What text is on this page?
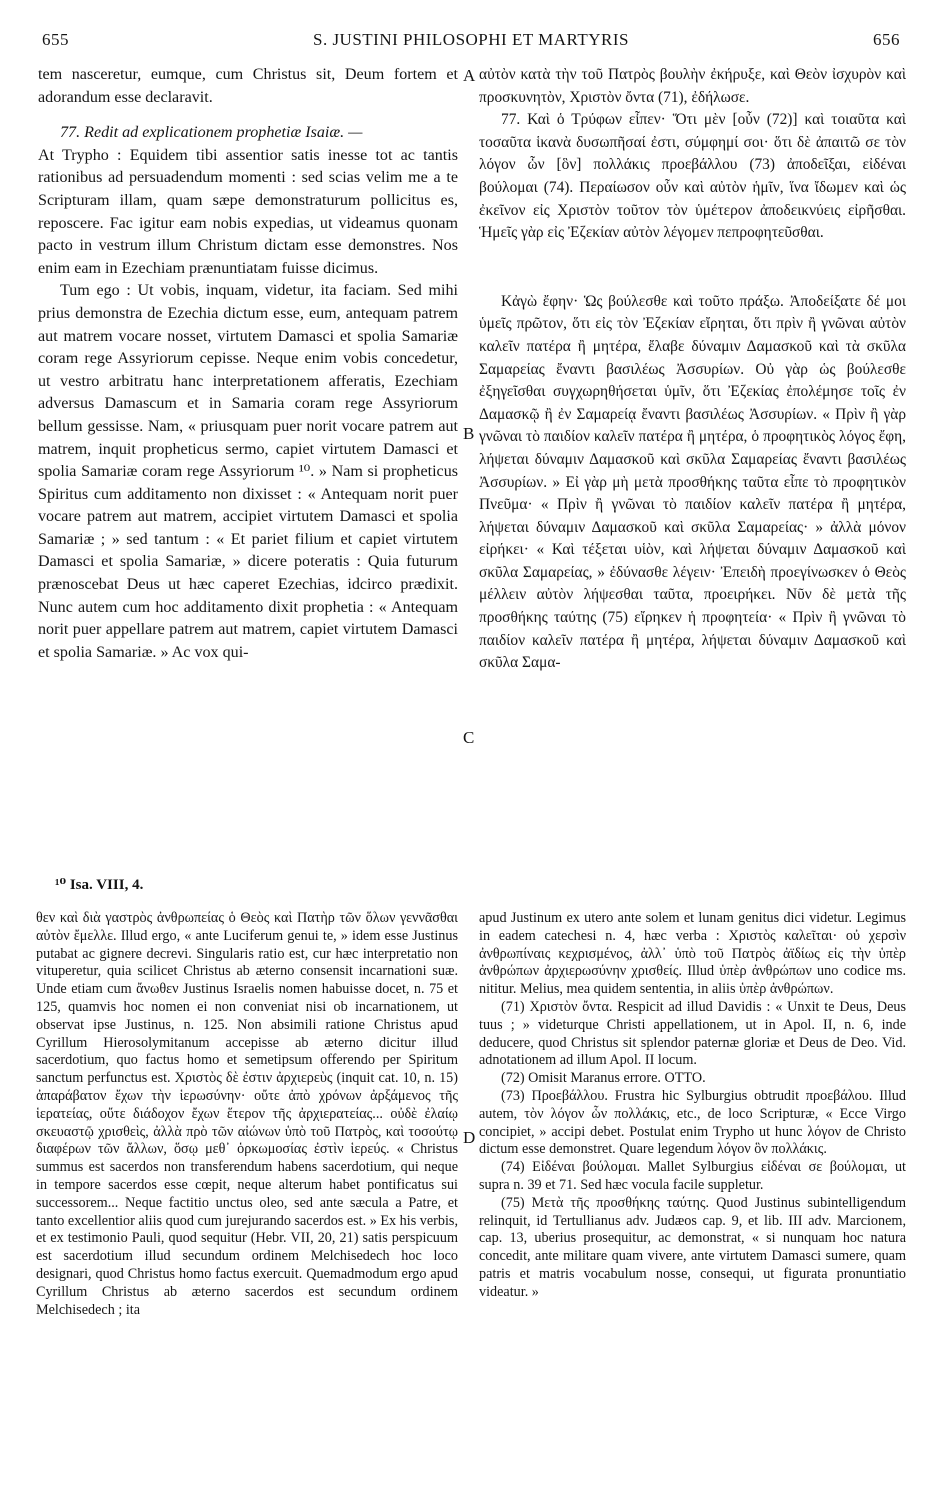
655	S. JUSTINI PHILOSOPHI ET MARTYRIS	656

tem nasceretur, eumque, cum Christus sit, Deum fortem et adorandum esse declaravit.

77. Redit ad explicationem prophetiæ Isaiæ. —

At Trypho : Equidem tibi assentior satis inesse tot ac tantis rationibus ad persuadendum momenti : sed scias velim me a te Scripturam illam, quam sæpe demonstraturum pollicitus es, reposcere. Fac igitur eam nobis expedias, ut videamus quonam pacto in vestrum illum Christum dictam esse demonstres. Nos enim eam in Ezechiam prænuntiatam fuisse dicimus.

Tum ego : Ut vobis, inquam, videtur, ita faciam. Sed mihi prius demonstra de Ezechia dictum esse, eum, antequam patrem aut matrem vocare nosset, virtutem Damasci et spolia Samariæ coram rege Assyriorum cepisse. Neque enim vobis concedetur, ut vestro arbitratu hanc interpretationem afferatis, Ezechiam adversus Damascum et in Samaria coram rege Assyriorum bellum gessisse. Nam, « priusquam puer norit vocare patrem aut matrem, inquit propheticus sermo, capiet virtutem Damasci et spolia Samariæ coram rege Assyriorum ¹⁰. » Nam si propheticus Spiritus cum additamento non dixisset : « Antequam norit puer vocare patrem aut matrem, accipiet virtutem Damasci et spolia Samariæ ; » sed tantum : « Et pariet filium et capiet virtutem Damasci et spolia Samariæ, » dicere poteratis : Quia futurum prænoscebat Deus ut hæc caperet Ezechias, idcirco prædixit. Nunc autem cum hoc additamento dixit prophetia : « Antequam norit puer appellare patrem aut matrem, capiet virtutem Damasci et spolia Samariæ. » Ac vox qui-

A
B
C
D

αὐτὸν κατὰ τὴν τοῦ Πατρὸς βουλὴν ἐκήρυξε, καὶ Θεὸν ἰσχυρὸν καὶ προσκυνητὸν, Χριστὸν ὄντα (71), ἐδήλωσε.

77. Καὶ ὁ Τρύφων εἶπεν· Ὅτι μὲν [οὖν (72)] καὶ τοιαῦτα καὶ τοσαῦτα ἱκανὰ δυσωπῆσαί ἐστι, σύμφημί σοι· ὅτι δὲ ἀπαιτῶ σε τὸν λόγον ὧν [ὃν] πολλάκις προεβάλλου (73) ἀποδεῖξαι, εἰδέναι βούλομαι (74). Περαίωσον οὖν καὶ αὐτὸν ἡμῖν, ἵνα ἴδωμεν καὶ ὡς ἐκεῖνον εἰς Χριστὸν τοῦτον τὸν ὑμέτερον ἀποδεικνύεις εἰρῆσθαι. Ἡμεῖς γὰρ εἰς Ἐζεκίαν αὐτὸν λέγομεν πεπροφητεῦσθαι.

Κἀγὼ ἔφην· Ὡς βούλεσθε καὶ τοῦτο πράξω. Ἀποδείξατε δέ μοι ὑμεῖς πρῶτον, ὅτι εἰς τὸν Ἐζεκίαν εἴρηται, ὅτι πρὶν ἢ γνῶναι αὐτὸν καλεῖν πατέρα ἢ μητέρα, ἔλαβε δύναμιν Δαμασκοῦ καὶ τὰ σκῦλα Σαμαρείας ἔναντι βασιλέως Ἀσσυρίων. Οὐ γὰρ ὡς βούλεσθε ἐξηγεῖσθαι συγχωρηθήσεται ὑμῖν, ὅτι Ἐζεκίας ἐπολέμησε τοῖς ἐν Δαμασκῷ ἢ ἐν Σαμαρείᾳ ἔναντι βασιλέως Ἀσσυρίων. « Πρὶν ἢ γὰρ γνῶναι τὸ παιδίον καλεῖν πατέρα ἢ μητέρα, ὁ προφητικὸς λόγος ἔφη, λήψεται δύναμιν Δαμασκοῦ καὶ σκῦλα Σαμαρείας ἔναντι βασιλέως Ἀσσυρίων. » Εἰ γὰρ μὴ μετὰ προσθήκης ταῦτα εἶπε τὸ προφητικὸν Πνεῦμα· « Πρὶν ἢ γνῶναι τὸ παιδίον καλεῖν πατέρα ἢ μητέρα, λήψεται δύναμιν Δαμασκοῦ καὶ σκῦλα Σαμαρείας· » ἀλλὰ μόνον εἰρήκει· « Καὶ τέξεται υἱὸν, καὶ λήψεται δύναμιν Δαμασκοῦ καὶ σκῦλα Σαμαρείας, » ἐδύνασθε λέγειν· Ἐπειδὴ προεγίνωσκεν ὁ Θεὸς μέλλειν αὐτὸν λήψεσθαι ταῦτα, προειρήκει. Νῦν δὲ μετὰ τῆς προσθήκης ταύτης (75) εἴρηκεν ἡ προφητεία· « Πρὶν ἢ γνῶναι τὸ παιδίον καλεῖν πατέρα ἢ μητέρα, λήψεται δύναμιν Δαμασκοῦ καὶ σκῦλα Σαμα-

¹⁰ Isa. VIII, 4.

θεν καὶ διὰ γαστρὸς ἀνθρωπείας ὁ Θεὸς καὶ Πατὴρ τῶν ὅλων γεννᾶσθαι αὐτὸν ἔμελλε. Illud ergo, « ante Luciferum genui te, » idem esse Justinus putabat ac gignere decrevi. Singularis ratio est, cur hæc interpretatio non vituperetur, quia scilicet Christus ab æterno consensit incarnationi suæ. Unde etiam cum ἄνωθεν Justinus Israelis nomen habuisse docet, n. 75 et 125, quamvis hoc nomen ei non conveniat nisi ob incarnationem, ut observat ipse Justinus, n. 125. Non absimili ratione Christus apud Cyrillum Hierosolymitanum accepisse ab æterno dicitur illud sacerdotium, quo factus homo et semetipsum offerendo per Spiritum sanctum perfunctus est. Χριστὸς δὲ ἐστιν ἀρχιερεὺς (inquit cat. 10, n. 15) ἀπαράβατον ἔχων τὴν ἱερωσύνην· οὔτε ἀπὸ χρόνων ἀρξάμενος τῆς ἱερατείας, οὔτε διάδοχον ἔχων ἕτερον τῆς ἀρχιερατείας... οὐδὲ ἐλαίῳ σκευαστῷ χρισθεὶς, ἀλλὰ πρὸ τῶν αἰώνων ὑπὸ τοῦ Πατρὸς, καὶ τοσούτῳ διαφέρων τῶν ἄλλων, ὅσῳ μεθ᾽ ὁρκωμοσίας ἐστὶν ἱερεύς. « Christus summus est sacerdos non transferendum habens sacerdotium, qui neque in tempore sacerdos esse cœpit, neque alterum habet pontificatus sui successorem... Neque factitio unctus oleo, sed ante sæcula a Patre, et tanto excellentior aliis quod cum jurejurando sacerdos est. » Ex his verbis, et ex testimonio Pauli, quod sequitur (Hebr. VII, 20, 21) satis perspicuum est sacerdotium illud secundum ordinem Melchisedech hoc loco designari, quod Christus homo factus exercuit. Quemadmodum ergo apud Cyrillum Christus ab æterno sacerdos est secundum ordinem Melchisedech ; ita

apud Justinum ex utero ante solem et lunam genitus dici videtur. Legimus in eadem catechesi n. 4, hæc verba : Χριστὸς καλεῖται· οὐ χερσὶν ἀνθρωπίναις κεχρισμένος, ἀλλ᾽ ὑπὸ τοῦ Πατρὸς ἀϊδίως εἰς τὴν ὑπὲρ ἀνθρώπων ἀρχιερωσύνην χρισθείς. Illud ὑπὲρ ἀνθρώπων uno codice ms. nititur. Melius, mea quidem sententia, in aliis ὑπὲρ ἀνθρώπων.

(71) Χριστὸν ὄντα. Respicit ad illud Davidis : « Unxit te Deus, Deus tuus ; » videturque Christi appellationem, ut in Apol. II, n. 6, inde deducere, quod Christus sit splendor paternæ gloriæ et Deus de Deo. Vid. adnotationem ad illum Apol. II locum.

(72) Omisit Maranus errore. OTTO.

(73) Προεβάλλου. Frustra hic Sylburgius obtrudit προεβάλου. Illud autem, τὸν λόγον ὧν πολλάκις, etc., de loco Scripturæ, « Ecce Virgo concipiet, » accipi debet. Postulat enim Trypho ut hunc λόγον de Christo dictum esse demonstret. Quare legendum λόγον ὃν πολλάκις.

(74) Εἰδέναι βούλομαι. Mallet Sylburgius εἰδέναι σε βούλομαι, ut supra n. 39 et 71. Sed hæc vocula facile suppletur.

(75) Μετὰ τῆς προσθήκης ταύτης. Quod Justinus subintelligendum relinquit, id Tertullianus adv. Judæos cap. 9, et lib. III adv. Marcionem, cap. 13, uberius prosequitur, ac demonstrat, « si nunquam hoc natura concedit, ante militare quam vivere, ante virtutem Damasci sumere, quam patris et matris vocabulum nosse, consequi, ut figurata pronuntiatio videatur. »
